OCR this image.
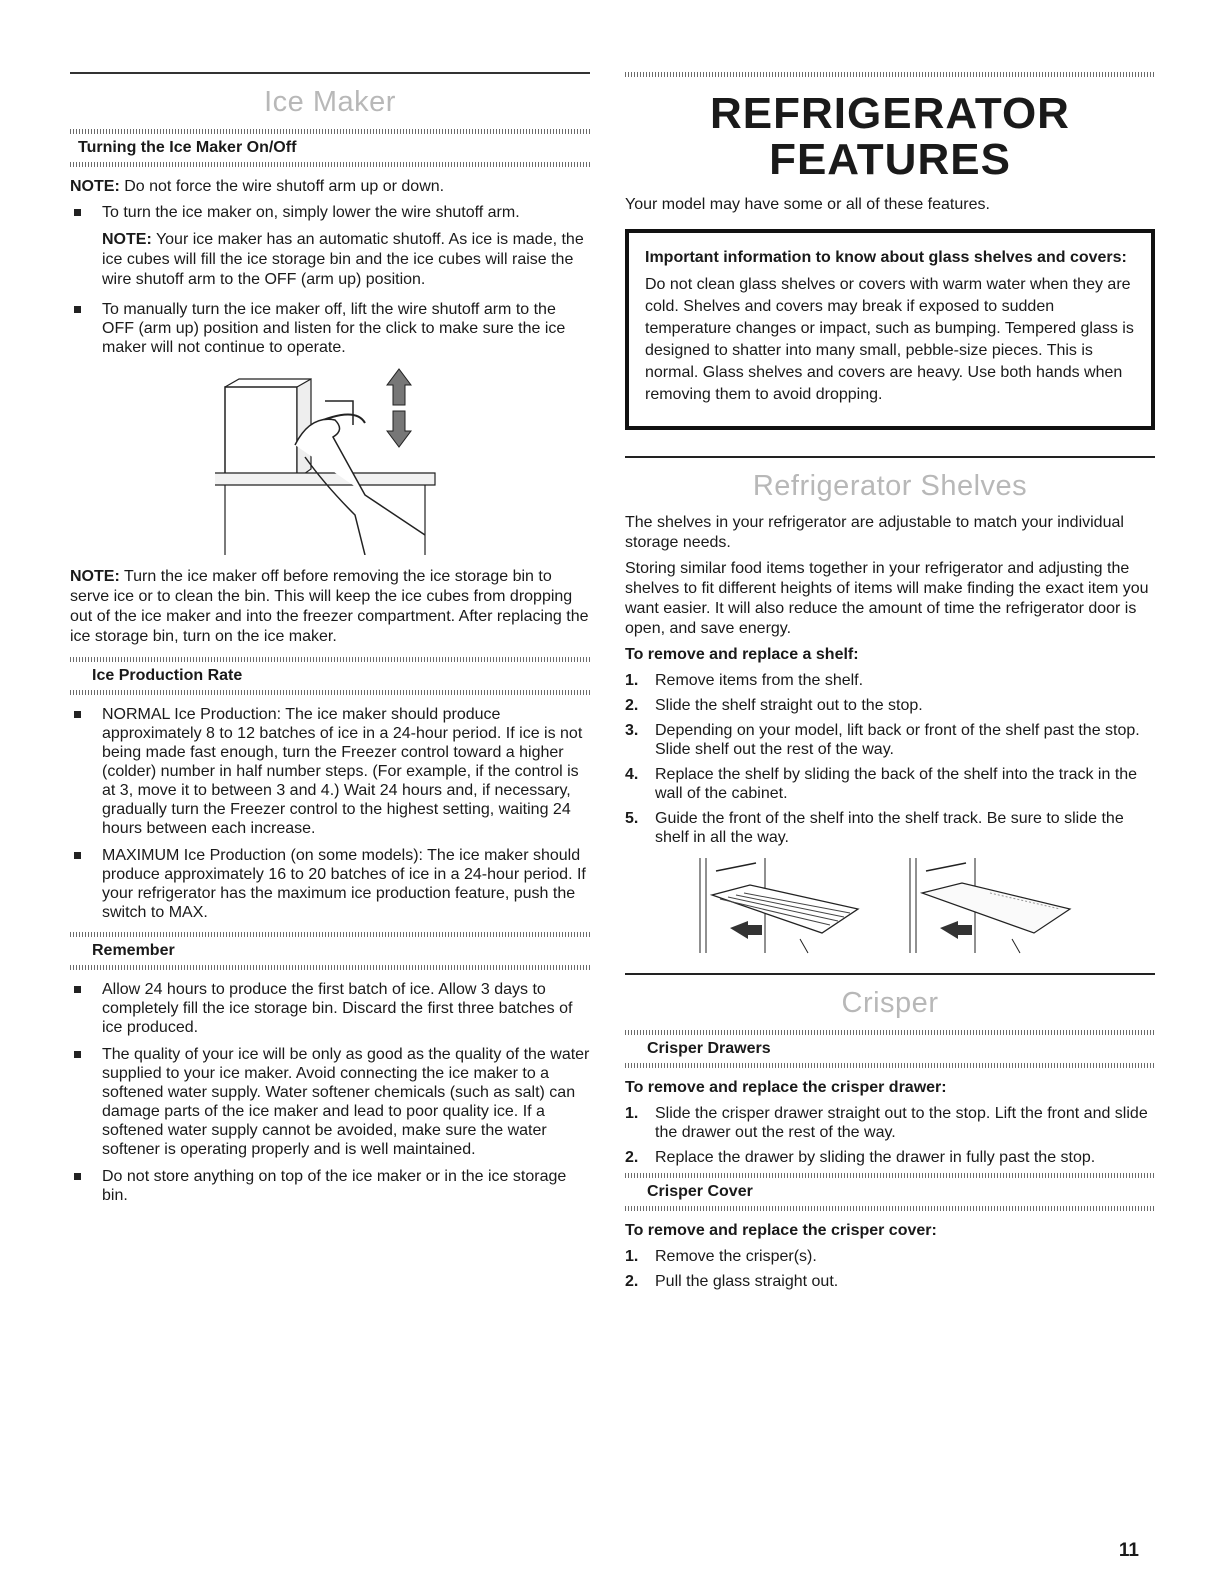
Ice Maker
Turning the Ice Maker On/Off

NOTE: Do not force the wire shutoff arm up or down.

To turn the ice maker on, simply lower the wire shutoff arm.

NOTE: Your ice maker has an automatic shutoff. As ice is made, the ice cubes will fill the ice storage bin and the ice cubes will raise the wire shutoff arm to the OFF (arm up) position.

To manually turn the ice maker off, lift the wire shutoff arm to the OFF (arm up) position and listen for the click to make sure the ice maker will not continue to operate.

NOTE: Turn the ice maker off before removing the ice storage bin to serve ice or to clean the bin. This will keep the ice cubes from dropping out of the ice maker and into the freezer compartment. After replacing the ice storage bin, turn on the ice maker.

Ice Production Rate
NORMAL Ice Production: The ice maker should produce approximately 8 to 12 batches of ice in a 24-hour period. If ice is not being made fast enough, turn the Freezer control toward a higher (colder) number in half number steps. (For example, if the control is at 3, move it to between 3 and 4.) Wait 24 hours and, if necessary, gradually turn the Freezer control to the highest setting, waiting 24 hours between each increase.
MAXIMUM Ice Production (on some models): The ice maker should produce approximately 16 to 20 batches of ice in a 24-hour period. If your refrigerator has the maximum ice production feature, push the switch to MAX.
Remember
Allow 24 hours to produce the first batch of ice. Allow 3 days to completely fill the ice storage bin. Discard the first three batches of ice produced.
The quality of your ice will be only as good as the quality of the water supplied to your ice maker. Avoid connecting the ice maker to a softened water supply. Water softener chemicals (such as salt) can damage parts of the ice maker and lead to poor quality ice. If a softened water supply cannot be avoided, make sure the water softener is operating properly and is well maintained.
Do not store anything on top of the ice maker or in the ice storage bin.
REFRIGERATOR
FEATURES

Your model may have some or all of these features.

Important information to know about glass shelves and covers:

Do not clean glass shelves or covers with warm water when they are cold. Shelves and covers may break if exposed to sudden temperature changes or impact, such as bumping. Tempered glass is designed to shatter into many small, pebble-size pieces. This is normal. Glass shelves and covers are heavy. Use both hands when removing them to avoid dropping.

Refrigerator Shelves

The shelves in your refrigerator are adjustable to match your individual storage needs.

Storing similar food items together in your refrigerator and adjusting the shelves to fit different heights of items will make finding the exact item you want easier. It will also reduce the amount of time the refrigerator door is open, and save energy.

To remove and replace a shelf:

1. Remove items from the shelf.
2. Slide the shelf straight out to the stop.
3. Depending on your model, lift back or front of the shelf past the stop. Slide shelf out the rest of the way.
4. Replace the shelf by sliding the back of the shelf into the track in the wall of the cabinet.
5. Guide the front of the shelf into the shelf track. Be sure to slide the shelf in all the way.
Crisper
Crisper Drawers

To remove and replace the crisper drawer:

1. Slide the crisper drawer straight out to the stop. Lift the front and slide the drawer out the rest of the way.
2. Replace the drawer by sliding the drawer in fully past the stop.
Crisper Cover

To remove and replace the crisper cover:

1. Remove the crisper(s).
2. Pull the glass straight out.
11
